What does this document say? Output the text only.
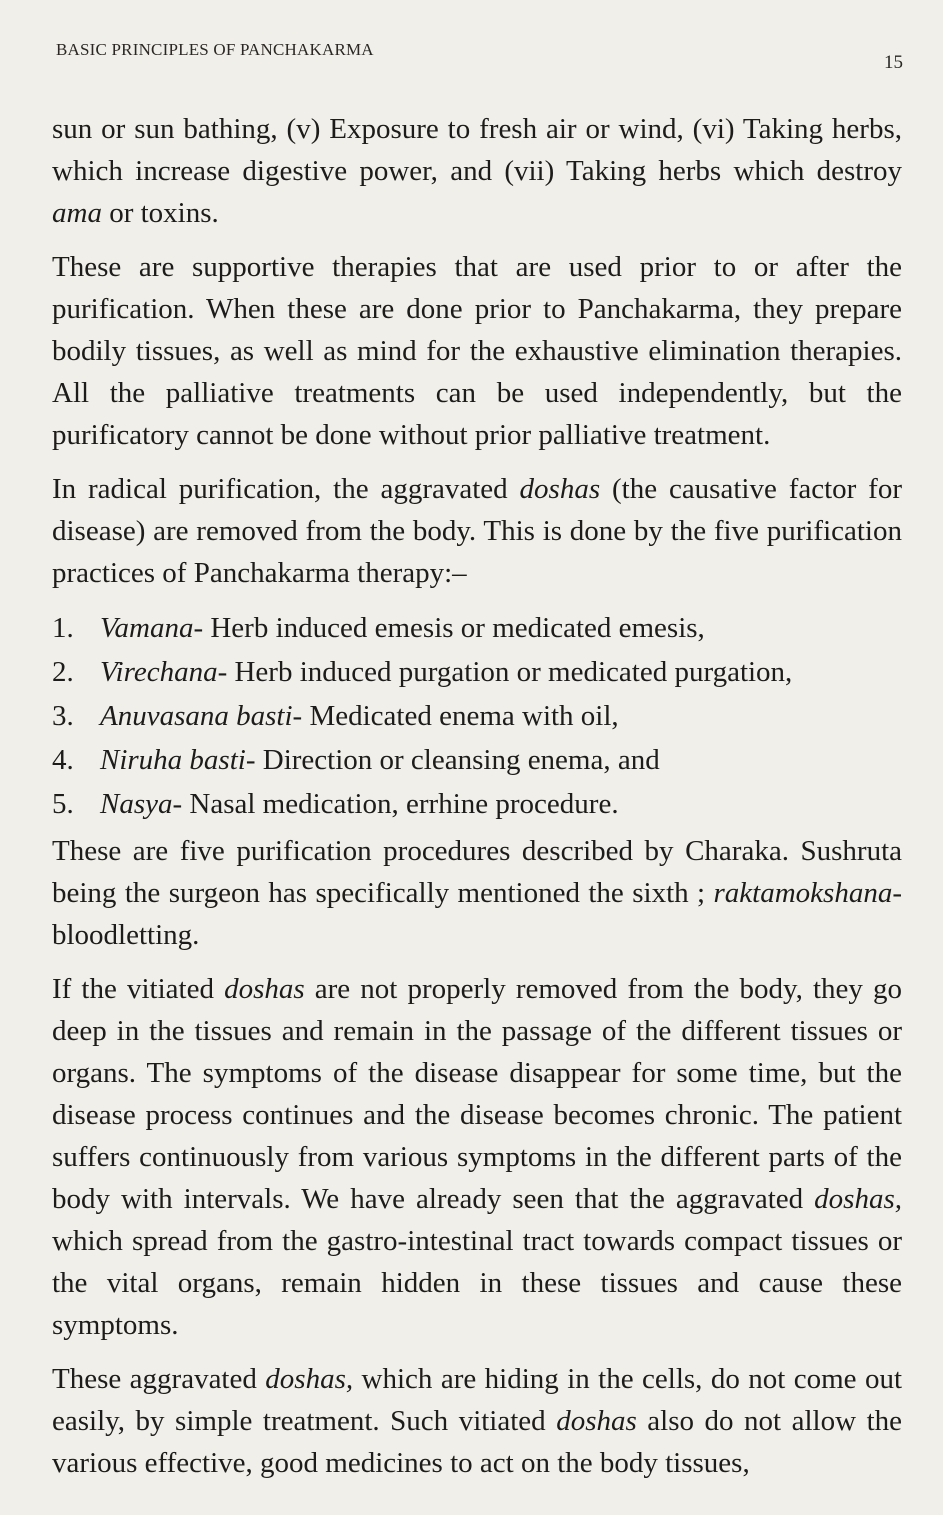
BASIC PRINCIPLES OF PANCHAKARMA
15

sun or sun bathing, (v) Exposure to fresh air or wind, (vi) Taking herbs, which increase digestive power, and (vii) Taking herbs which destroy ama or toxins.

These are supportive therapies that are used prior to or after the purification. When these are done prior to Panchakarma, they prepare bodily tissues, as well as mind for the exhaustive elimination therapies. All the palliative treatments can be used independently, but the purificatory cannot be done without prior palliative treatment.

In radical purification, the aggravated doshas (the causative factor for disease) are removed from the body. This is done by the five purification practices of Panchakarma therapy:–

1. Vamana - Herb induced emesis or medicated emesis,
2. Virechana - Herb induced purgation or medicated purgation,
3. Anuvasana basti - Medicated enema with oil,
4. Niruha basti - Direction or cleansing enema, and
5. Nasya - Nasal medication, errhine procedure.

These are five purification procedures described by Charaka. Sushruta being the surgeon has specifically mentioned the sixth ; raktamokshana-bloodletting.

If the vitiated doshas are not properly removed from the body, they go deep in the tissues and remain in the passage of the different tissues or organs. The symptoms of the disease disappear for some time, but the disease process continues and the disease becomes chronic. The patient suffers continuously from various symptoms in the different parts of the body with intervals. We have already seen that the aggravated doshas, which spread from the gastro-intestinal tract towards compact tissues or the vital organs, remain hidden in these tissues and cause these symptoms.

These aggravated doshas, which are hiding in the cells, do not come out easily, by simple treatment. Such vitiated doshas also do not allow the various effective, good medicines to act on the body tissues,
